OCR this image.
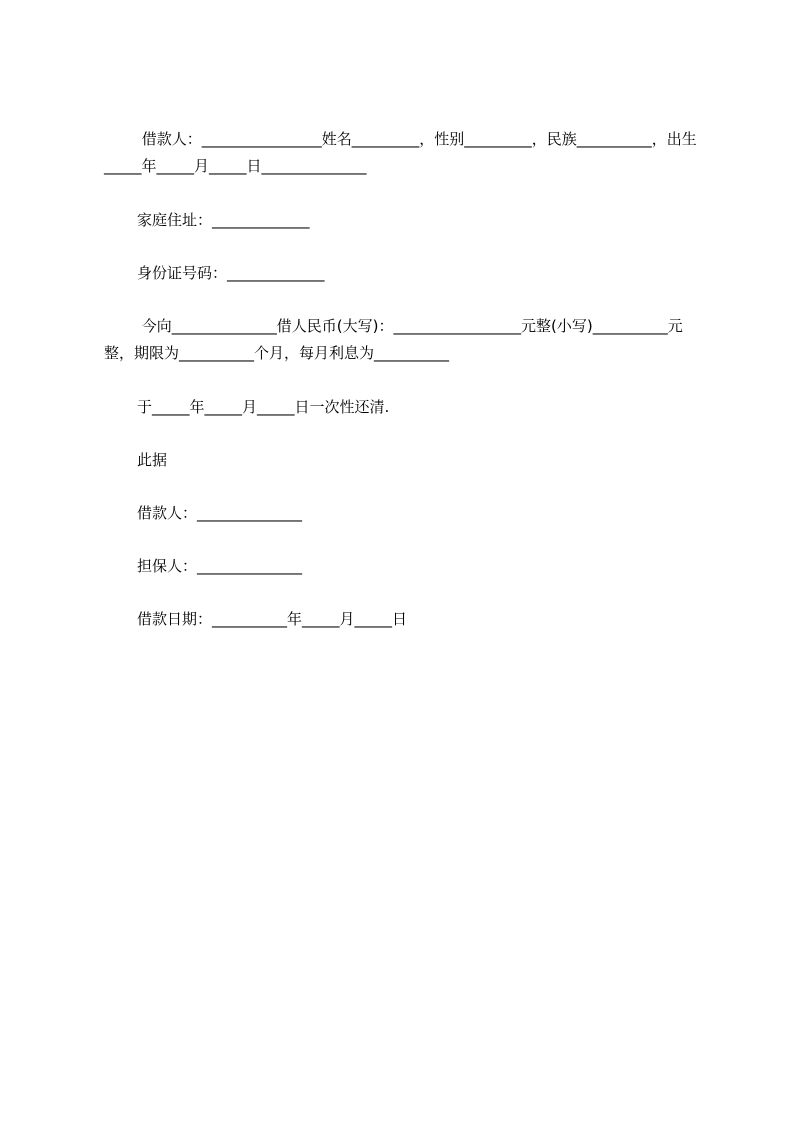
借款人：________________姓名_________，性别_________，民族__________，出生_____年_____月_____日______________

家庭住址：_____________

身份证号码：_____________

今向______________借人民币(大写)：_________________元整(小写)__________元整，期限为__________个月，每月利息为__________

于_____年_____月_____日一次性还清.

此据

借款人：______________

担保人：______________

借款日期：__________年_____月_____日
